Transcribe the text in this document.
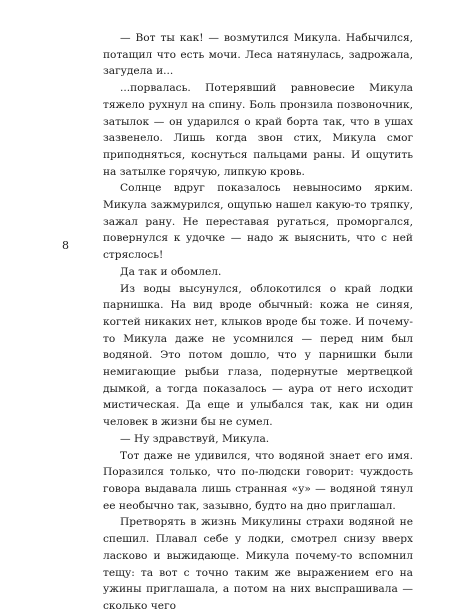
8

— Вот ты как! — возмутился Микула. Набычился, потащил что есть мочи. Леса натянулась, задрожала, загудела и...

...порвалась. Потерявший равновесие Микула тяжело рухнул на спину. Боль пронзила позвоночник, затылок — он ударился о край борта так, что в ушах зазвенело. Лишь когда звон стих, Микула смог приподняться, коснуться пальцами раны. И ощутить на затылке горячую, липкую кровь.

Солнце вдруг показалось невыносимо ярким. Микула зажмурился, ощупью нашел какую-то тряпку, зажал рану. Не переставая ругаться, проморгался, повернулся к удочке — надо ж выяснить, что с ней стряслось!

Да так и обомлел.

Из воды высунулся, облокотился о край лодки парнишка. На вид вроде обычный: кожа не синяя, когтей никаких нет, клыков вроде бы тоже. И почему-то Микула даже не усомнился — перед ним был водяной. Это потом дошло, что у парнишки были немигающие рыбьи глаза, подернутые мертвецкой дымкой, а тогда показалось — аура от него исходит мистическая. Да еще и улыбался так, как ни один человек в жизни бы не сумел.

— Ну здравствуй, Микула.

Тот даже не удивился, что водяной знает его имя. Поразился только, что по-людски говорит: чуждость говора выдавала лишь странная «у» — водяной тянул ее необычно так, зазывно, будто на дно приглашал.

Претворять в жизнь Микулины страхи водяной не спешил. Плавал себе у лодки, смотрел снизу вверх ласково и выжидающе. Микула почему-то вспомнил тещу: та вот с точно таким же выражением его на ужины приглашала, а потом на них выспрашивала — сколько чего
